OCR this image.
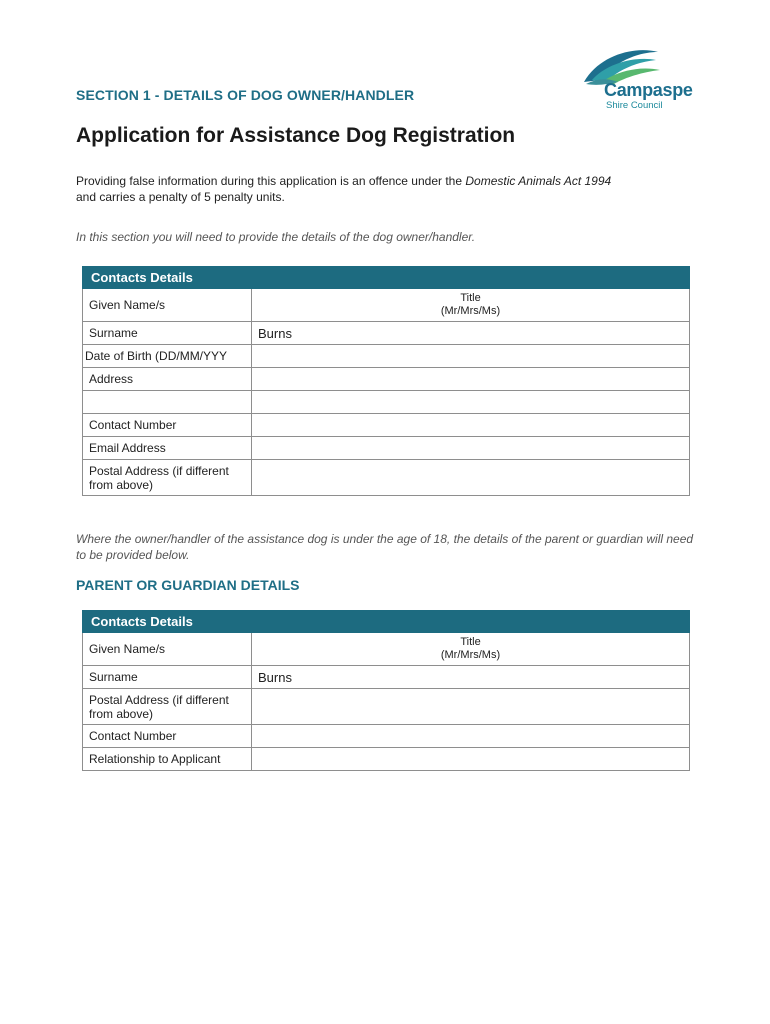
SECTION 1 - DETAILS OF DOG OWNER/HANDLER	Campaspe
Shire Council
Application for Assistance Dog Registration
Providing false information during this application is an offence under the Domestic Animals Act 1994
and carries a penalty of 5 penalty units.
In this section you will need to provide the details of the dog owner/handler.
Contacts Details	
Given Name/s	Title
(Mr/Mrs/Ms)
Surname	Burns
Date of Birth (DD/MM/YYY	
Address	

Contact Number	
Email Address	
Postal Address (if different from above)	
Where the owner/handler of the assistance dog is under the age of 18, the details of the parent or guardian will need to be provided below.
PARENT OR GUARDIAN DETAILS
Contacts Details	
Given Name/s	Title
(Mr/Mrs/Ms)
Surname	Burns
Postal Address (if different from above)	
Contact Number	
Relationship to Applicant	
